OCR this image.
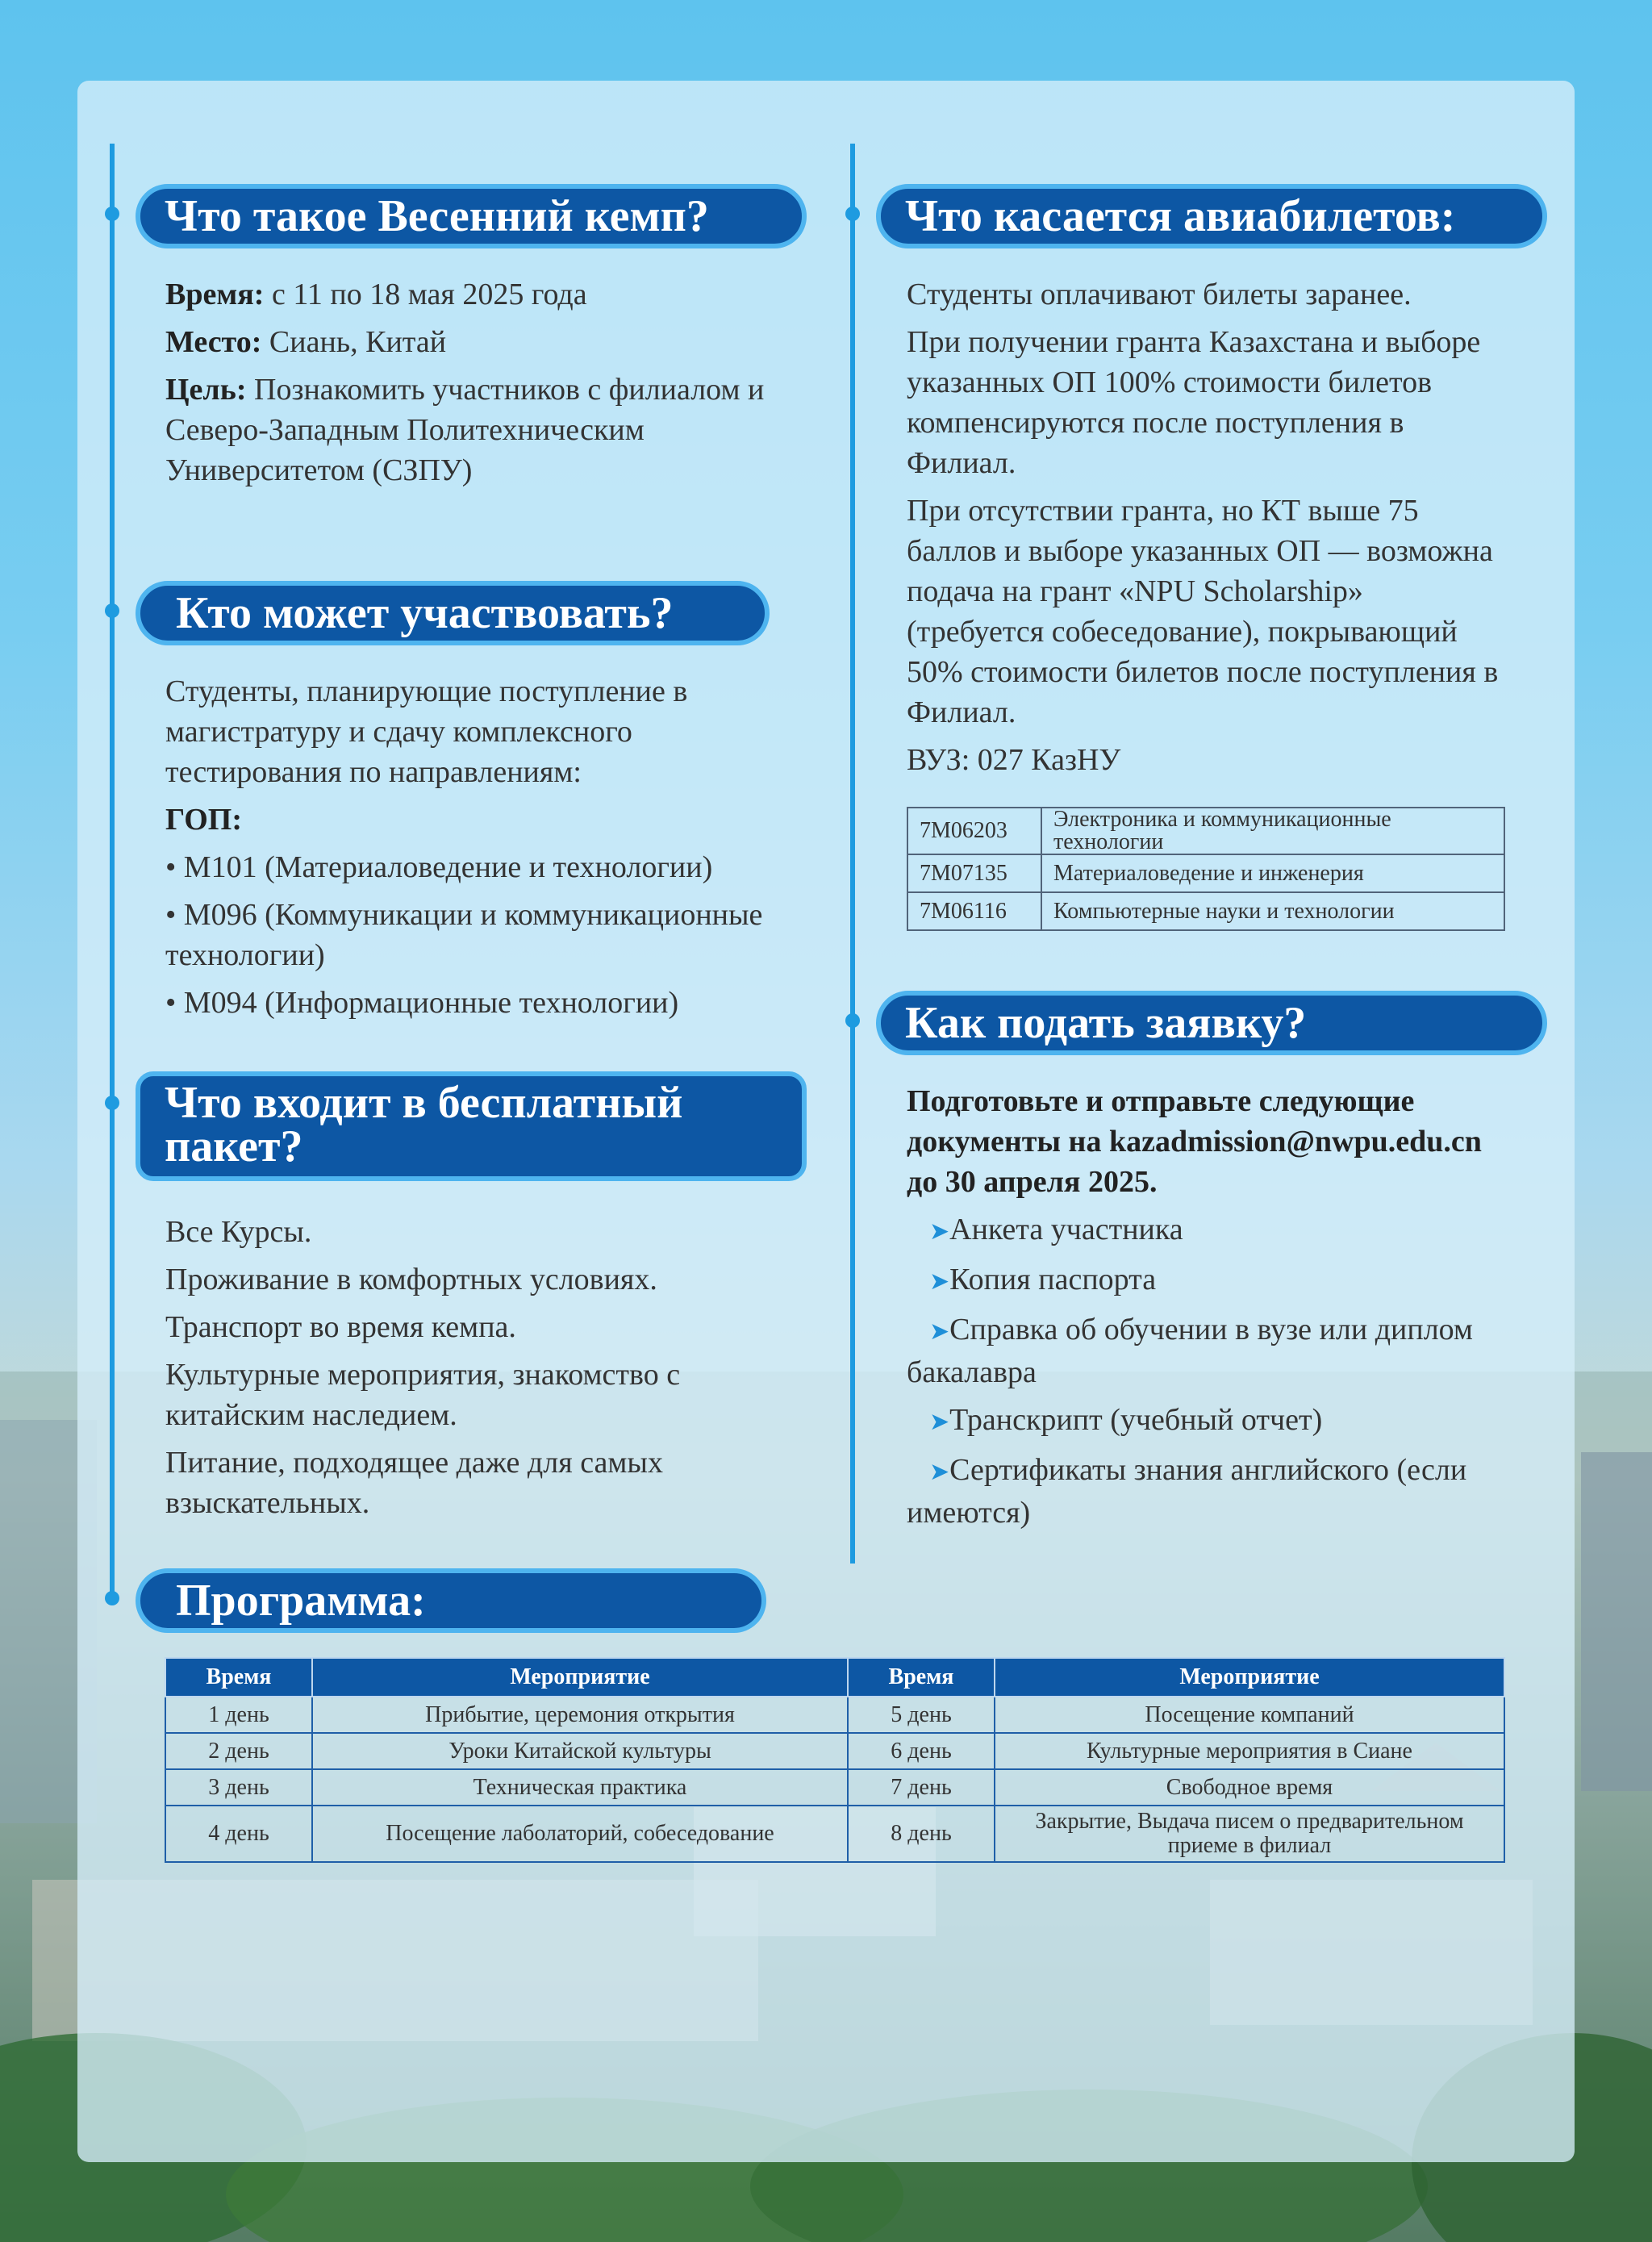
Что такое Весенний кемп?
Время: с 11 по 18 мая 2025 года
Место: Сиань, Китай
Цель: Познакомить участников с филиалом и Северо-Западным Политехническим Университетом (СЗПУ)
Кто может участвовать?
Студенты, планирующие поступление в магистратуру и сдачу комплексного тестирования по направлениям:
ГОП:
• M101 (Материаловедение и технологии)
• M096 (Коммуникации и коммуникационные технологии)
• M094 (Информационные технологии)
Что входит в бесплатный
пакет?
Все Курсы.
Проживание в комфортных условиях.
Транспорт во время кемпа.
Культурные мероприятия, знакомство с китайским наследием.
Питание, подходящее даже для самых взыскательных.
Что касается авиабилетов:
Студенты оплачивают билеты заранее.
При получении гранта Казахстана и выборе указанных ОП 100% стоимости билетов компенсируются после поступления в Филиал.
При отсутствии гранта, но КТ выше 75 баллов и выборе указанных ОП — возможна подача на грант «NPU Scholarship» (требуется собеседование), покрывающий 50% стоимости билетов после поступления в Филиал.
ВУЗ: 027 КазНУ
7M06203	Электроника и коммуникационные технологии
7M07135	Материаловедение и инженерия
7M06116	Компьютерные науки и технологии
Как подать заявку?
Подготовьте и отправьте следующие документы на kazadmission@nwpu.edu.cn до 30 апреля 2025.
➤Анкета участника
➤Копия паспорта
➤Справка об обучении в вузе или диплом бакалавра
➤Транскрипт (учебный отчет)
➤Сертификаты знания английского (если имеются)
Программа:
Время	Мероприятие	Время	Мероприятие
1 день	Прибытие, церемония открытия	5 день	Посещение компаний
2 день	Уроки Китайской культуры	6 день	Культурные мероприятия в Сиане
3 день	Техническая практика	7 день	Свободное время
4 день	Посещение лаболаторий, собеседование	8 день	Закрытие, Выдача писем о предварительном приеме в филиал
